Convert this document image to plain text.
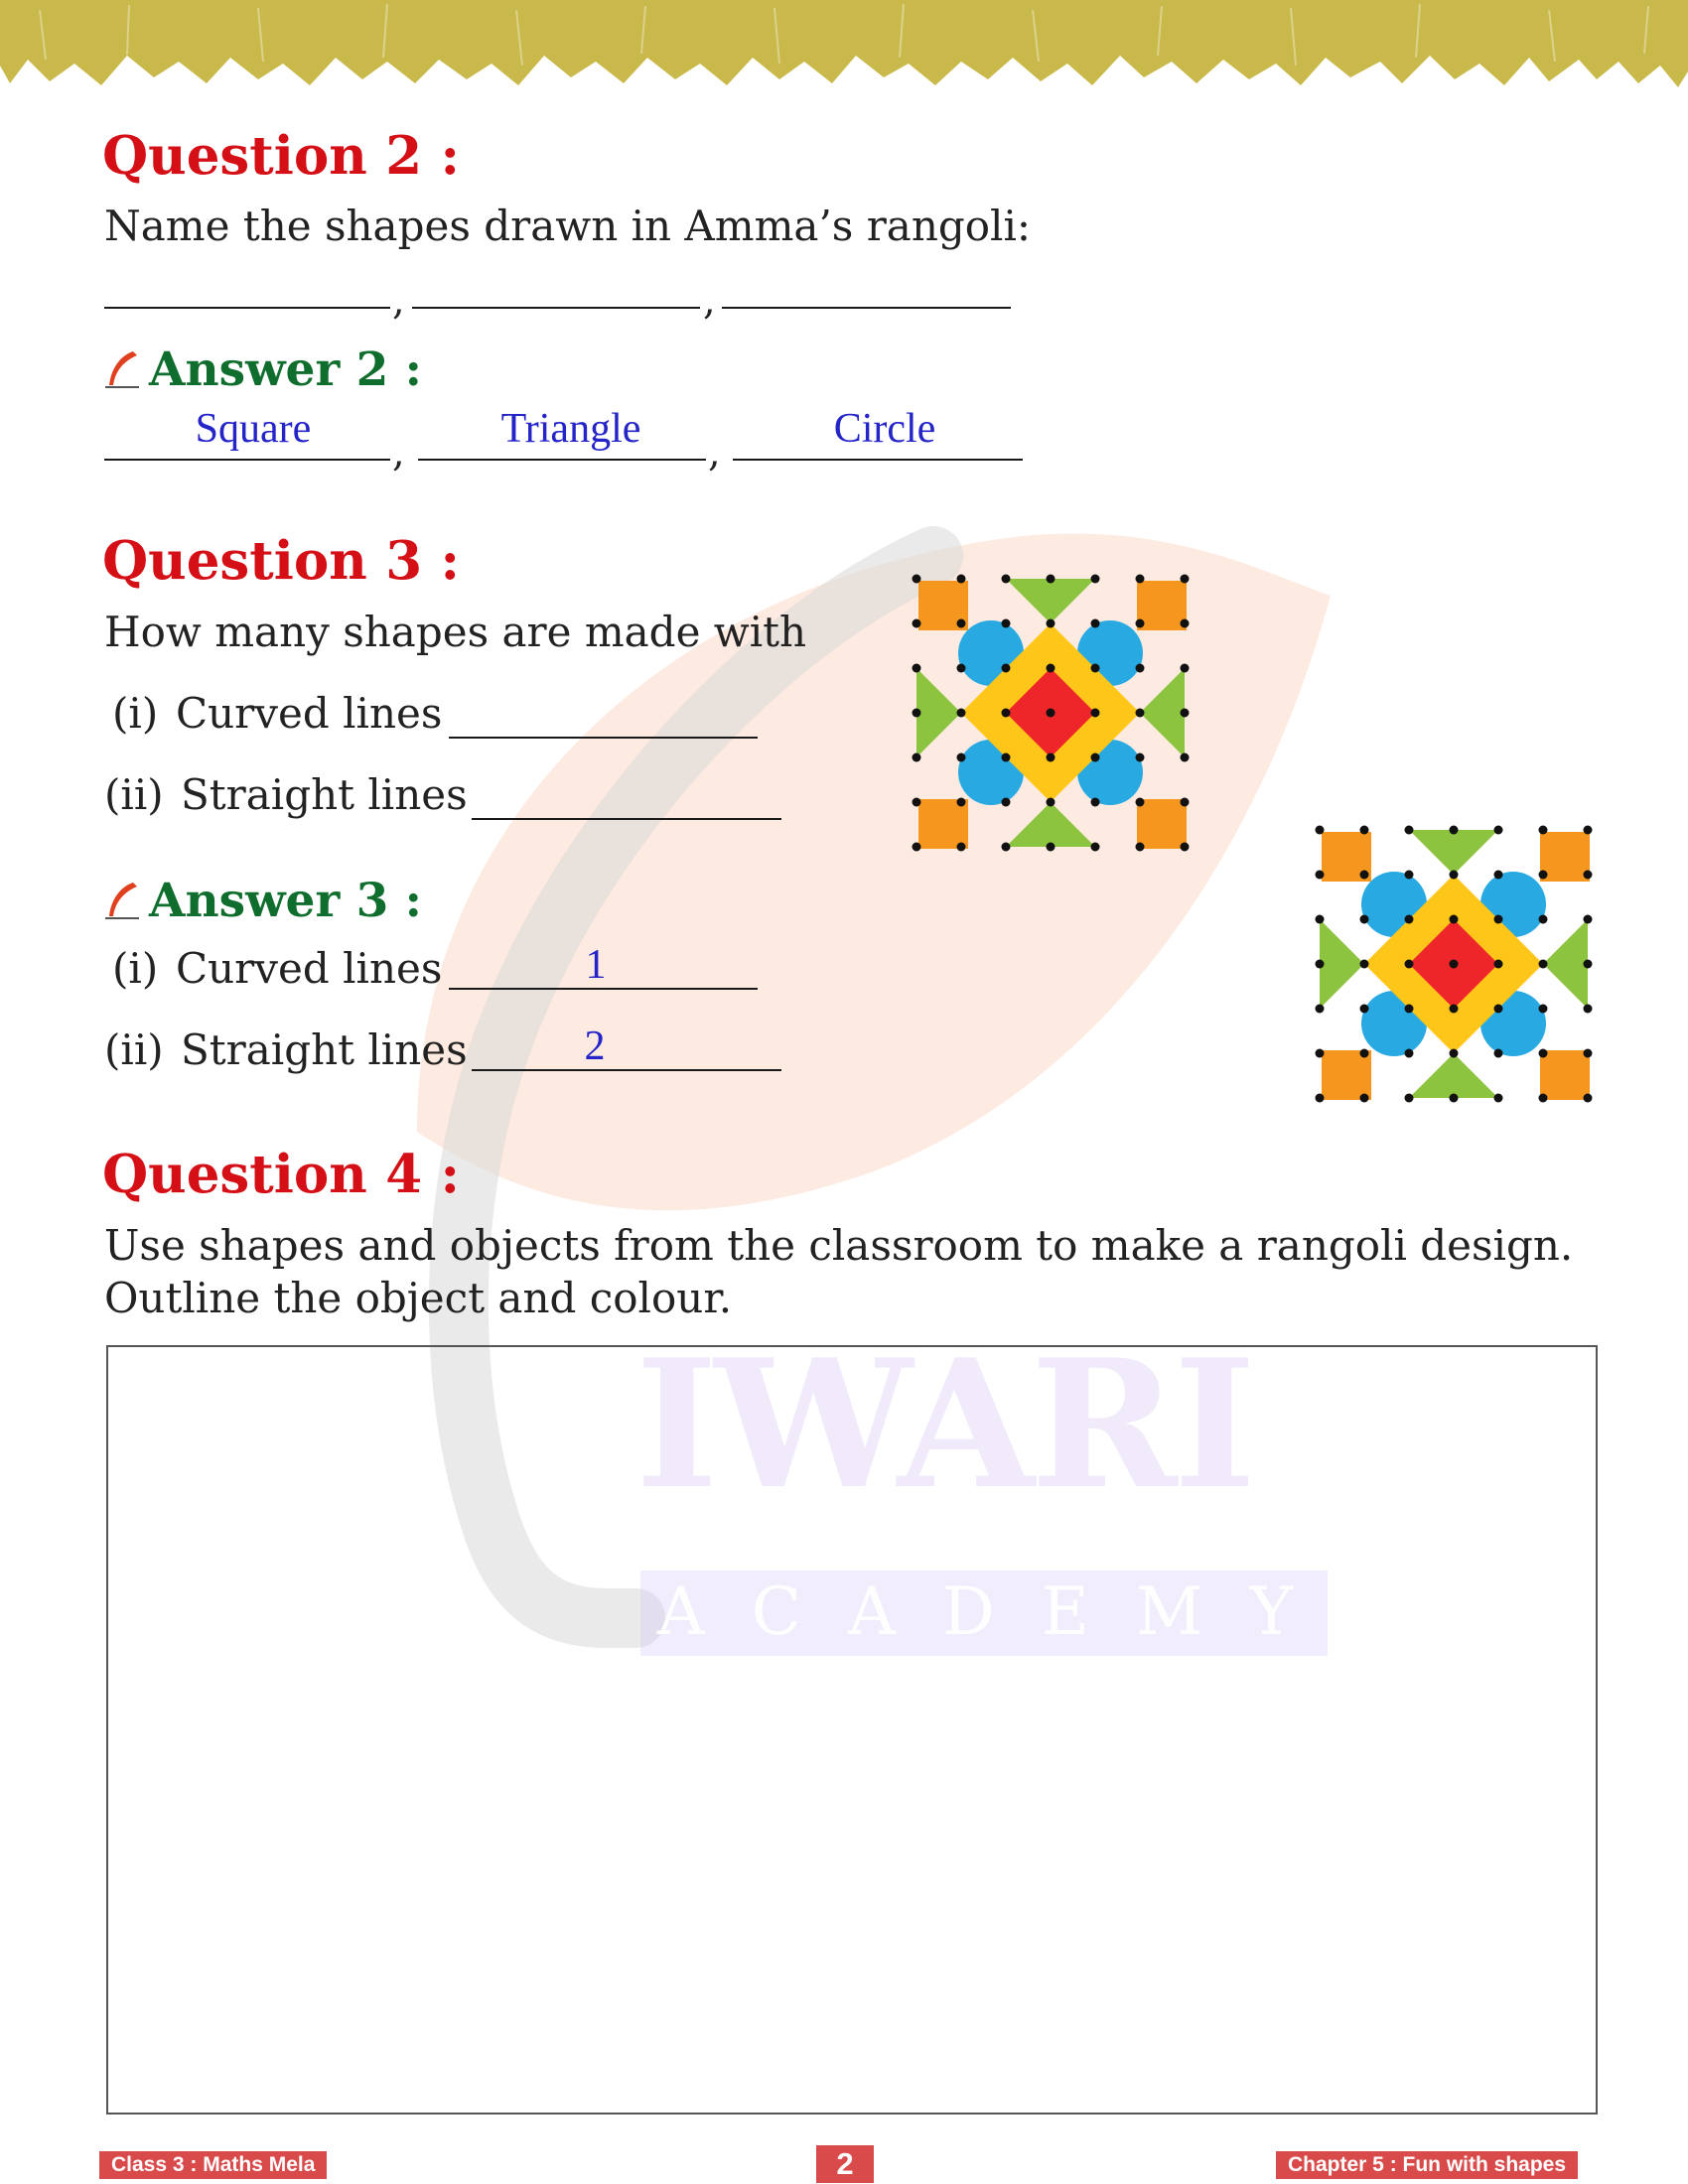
IWARI
ACADEMY
Question 2 :
Name the shapes drawn in Amma’s rangoli:
,	,
Answer 2 :
Square
,
Triangle
,
Circle
Question 3 :
How many shapes are made with
(i) Curved lines
(ii) Straight lines
Answer 3 :
(i) Curved lines	1
(ii) Straight lines	2
Question 4 :
Use shapes and objects from the classroom to make a rangoli design.
Outline the object and colour.
Class 3 : Maths Mela	2	Chapter 5 : Fun with shapes
